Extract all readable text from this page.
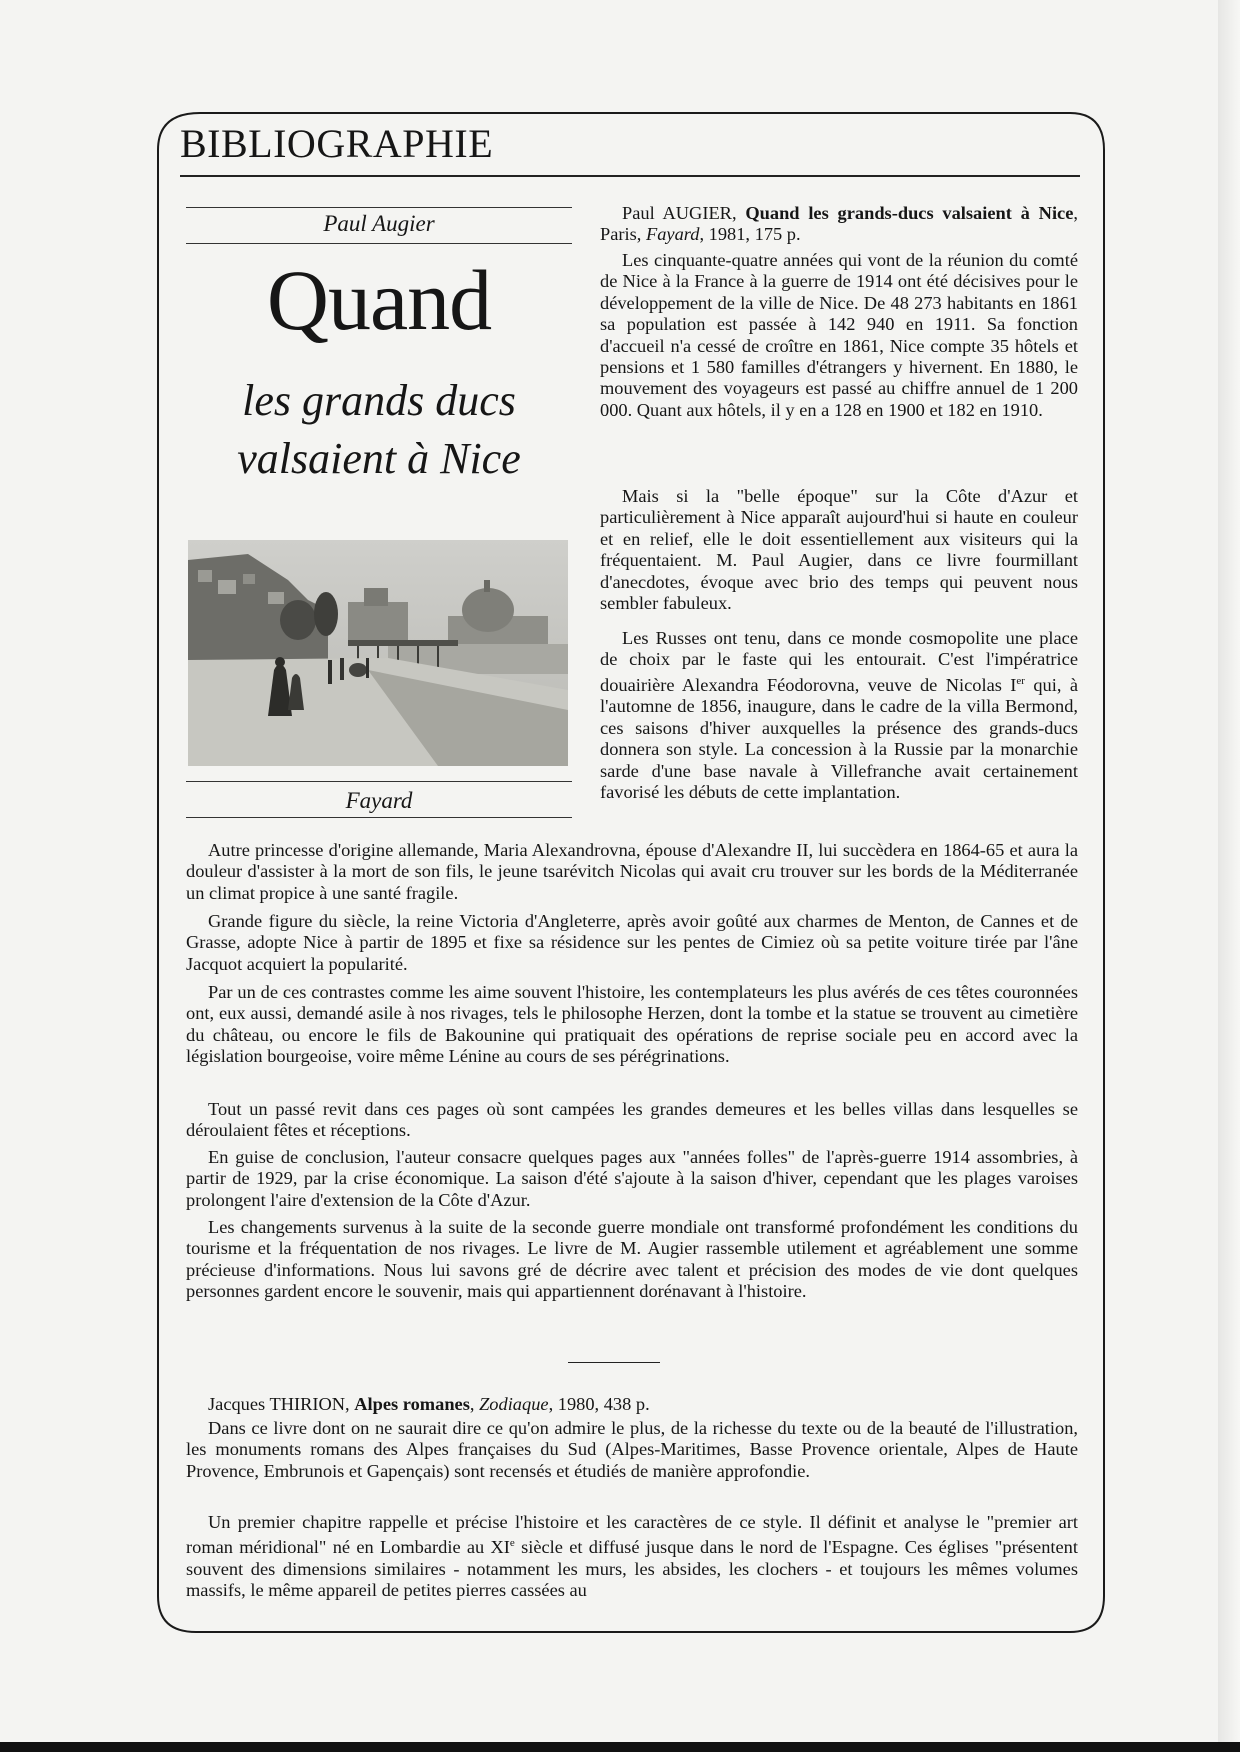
BIBLIOGRAPHIE
Paul Augier
Quand
les grands ducs
valsaient à Nice
Fayard

Paul AUGIER, Quand les grands-ducs valsaient à Nice, Paris, Fayard, 1981, 175 p.

Les cinquante-quatre années qui vont de la réunion du comté de Nice à la France à la guerre de 1914 ont été décisives pour le développement de la ville de Nice. De 48 273 habitants en 1861 sa population est passée à 142 940 en 1911. Sa fonction d'accueil n'a cessé de croître en 1861, Nice compte 35 hôtels et pensions et 1 580 familles d'étrangers y hivernent. En 1880, le mouvement des voyageurs est passé au chiffre annuel de 1 200 000. Quant aux hôtels, il y en a 128 en 1900 et 182 en 1910.

Mais si la "belle époque" sur la Côte d'Azur et particulièrement à Nice apparaît aujourd'hui si haute en couleur et en relief, elle le doit essentiellement aux visiteurs qui la fréquentaient. M. Paul Augier, dans ce livre fourmillant d'anecdotes, évoque avec brio des temps qui peuvent nous sembler fabuleux.

Les Russes ont tenu, dans ce monde cosmopolite une place de choix par le faste qui les entourait. C'est l'impératrice douairière Alexandra Féodorovna, veuve de Nicolas Ier qui, à l'automne de 1856, inaugure, dans le cadre de la villa Bermond, ces saisons d'hiver auxquelles la présence des grands-ducs donnera son style. La concession à la Russie par la monarchie sarde d'une base navale à Villefranche avait certainement favorisé les débuts de cette implantation.

Autre princesse d'origine allemande, Maria Alexandrovna, épouse d'Alexandre II, lui succèdera en 1864-65 et aura la douleur d'assister à la mort de son fils, le jeune tsarévitch Nicolas qui avait cru trouver sur les bords de la Méditerranée un climat propice à une santé fragile.

Grande figure du siècle, la reine Victoria d'Angleterre, après avoir goûté aux charmes de Menton, de Cannes et de Grasse, adopte Nice à partir de 1895 et fixe sa résidence sur les pentes de Cimiez où sa petite voiture tirée par l'âne Jacquot acquiert la popularité.

Par un de ces contrastes comme les aime souvent l'histoire, les contemplateurs les plus avérés de ces têtes couronnées ont, eux aussi, demandé asile à nos rivages, tels le philosophe Herzen, dont la tombe et la statue se trouvent au cimetière du château, ou encore le fils de Bakounine qui pratiquait des opérations de reprise sociale peu en accord avec la législation bourgeoise, voire même Lénine au cours de ses pérégrinations.

Tout un passé revit dans ces pages où sont campées les grandes demeures et les belles villas dans lesquelles se déroulaient fêtes et réceptions.

En guise de conclusion, l'auteur consacre quelques pages aux "années folles" de l'après-guerre 1914 assombries, à partir de 1929, par la crise économique. La saison d'été s'ajoute à la saison d'hiver, cependant que les plages varoises prolongent l'aire d'extension de la Côte d'Azur.

Les changements survenus à la suite de la seconde guerre mondiale ont transformé profondément les conditions du tourisme et la fréquentation de nos rivages. Le livre de M. Augier rassemble utilement et agréablement une somme précieuse d'informations. Nous lui savons gré de décrire avec talent et précision des modes de vie dont quelques personnes gardent encore le souvenir, mais qui appartiennent dorénavant à l'histoire.

Jacques THIRION, Alpes romanes, Zodiaque, 1980, 438 p.

Dans ce livre dont on ne saurait dire ce qu'on admire le plus, de la richesse du texte ou de la beauté de l'illustration, les monuments romans des Alpes françaises du Sud (Alpes-Maritimes, Basse Provence orientale, Alpes de Haute Provence, Embrunois et Gapençais) sont recensés et étudiés de manière approfondie.

Un premier chapitre rappelle et précise l'histoire et les caractères de ce style. Il définit et analyse le "premier art roman méridional" né en Lombardie au XIe siècle et diffusé jusque dans le nord de l'Espagne. Ces églises "présentent souvent des dimensions similaires - notamment les murs, les absides, les clochers - et toujours les mêmes volumes massifs, le même appareil de petites pierres cassées au
